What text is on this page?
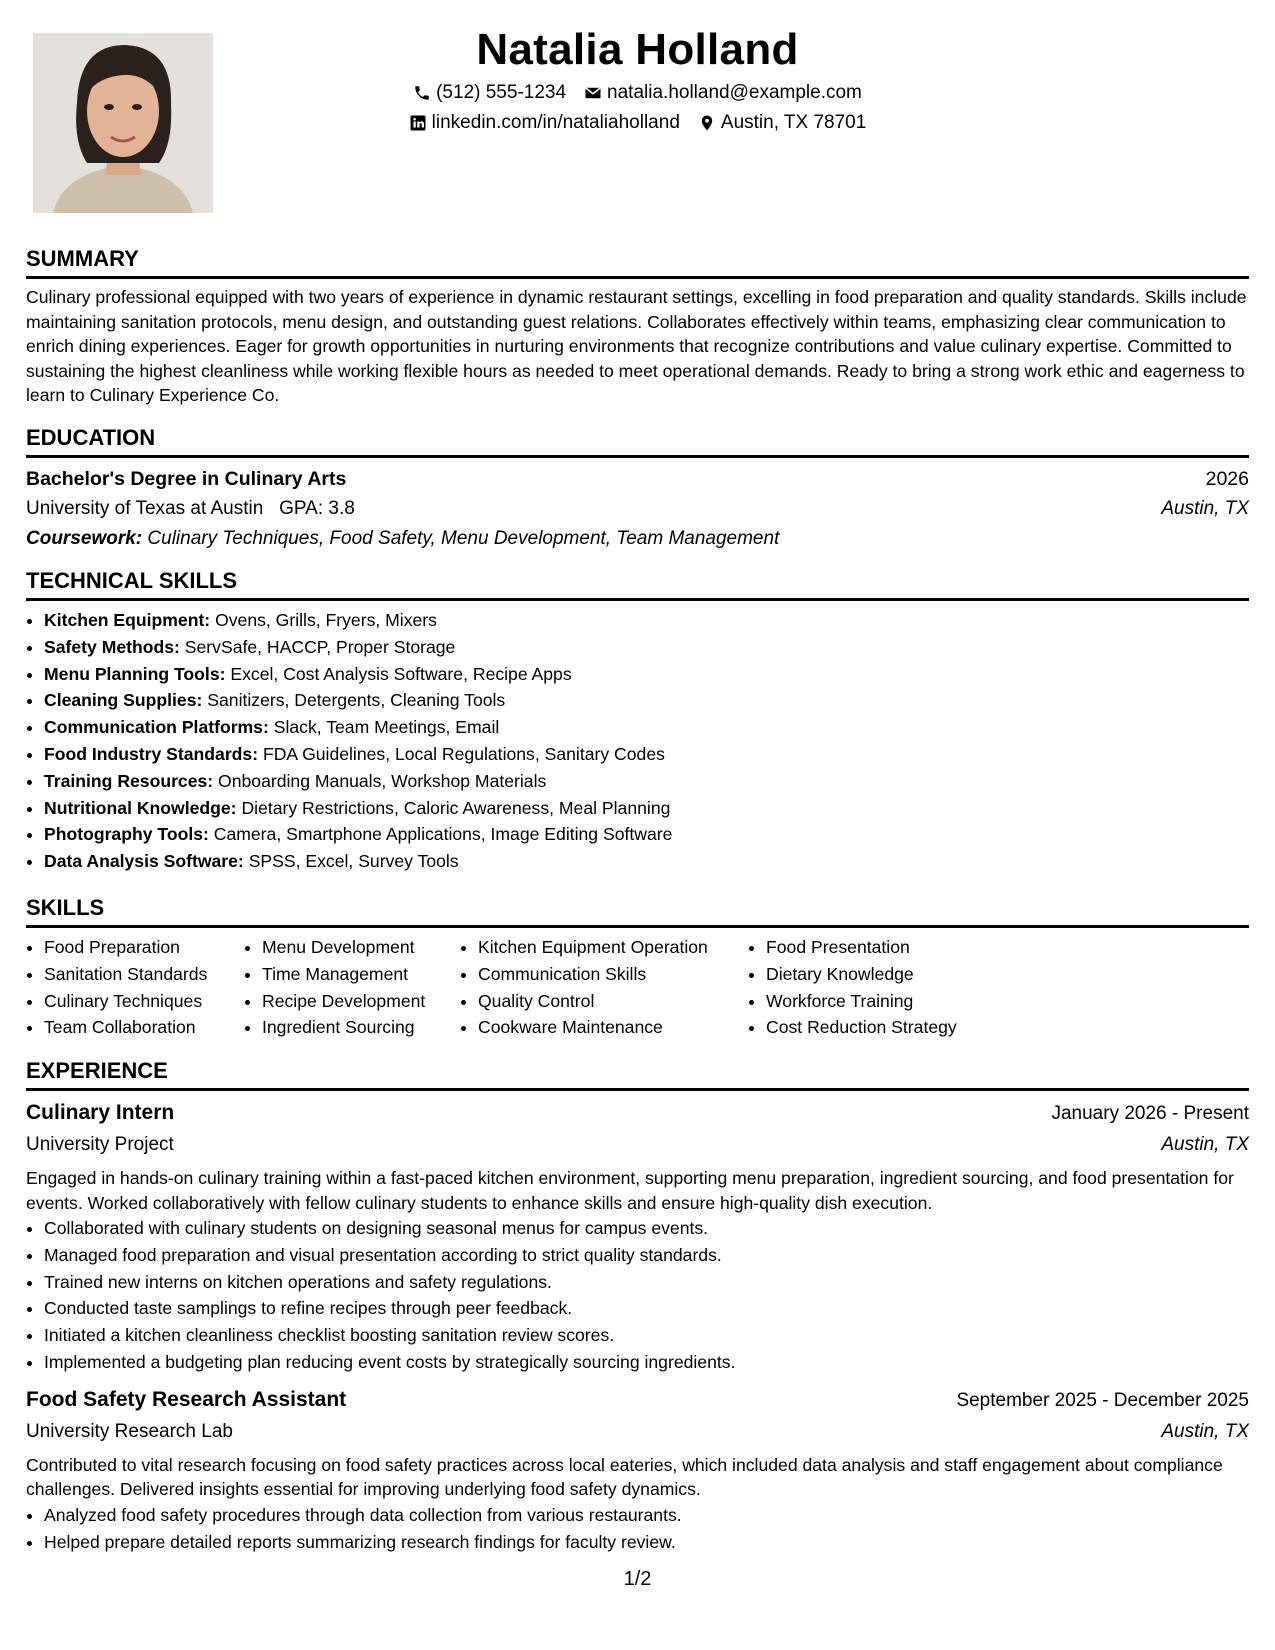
Natalia Holland
(512) 555-1234 natalia.holland@example.com
linkedin.com/in/nataliaholland Austin, TX 78701
SUMMARY
Culinary professional equipped with two years of experience in dynamic restaurant settings, excelling in food preparation and quality standards. Skills include maintaining sanitation protocols, menu design, and outstanding guest relations. Collaborates effectively within teams, emphasizing clear communication to enrich dining experiences. Eager for growth opportunities in nurturing environments that recognize contributions and value culinary expertise. Committed to sustaining the highest cleanliness while working flexible hours as needed to meet operational demands. Ready to bring a strong work ethic and eagerness to learn to Culinary Experience Co.
EDUCATION
Bachelor's Degree in Culinary Arts	2026
University of Texas at Austin GPA: 3.8	Austin, TX
Coursework: Culinary Techniques, Food Safety, Menu Development, Team Management
TECHNICAL SKILLS
• Kitchen Equipment: Ovens, Grills, Fryers, Mixers
• Safety Methods: ServSafe, HACCP, Proper Storage
• Menu Planning Tools: Excel, Cost Analysis Software, Recipe Apps
• Cleaning Supplies: Sanitizers, Detergents, Cleaning Tools
• Communication Platforms: Slack, Team Meetings, Email
• Food Industry Standards: FDA Guidelines, Local Regulations, Sanitary Codes
• Training Resources: Onboarding Manuals, Workshop Materials
• Nutritional Knowledge: Dietary Restrictions, Caloric Awareness, Meal Planning
• Photography Tools: Camera, Smartphone Applications, Image Editing Software
• Data Analysis Software: SPSS, Excel, Survey Tools
SKILLS
• Food Preparation
• Sanitation Standards
• Culinary Techniques
• Team Collaboration
• Menu Development
• Time Management
• Recipe Development
• Ingredient Sourcing
• Kitchen Equipment Operation
• Communication Skills
• Quality Control
• Cookware Maintenance
• Food Presentation
• Dietary Knowledge
• Workforce Training
• Cost Reduction Strategy
EXPERIENCE
Culinary Intern	January 2026 - Present
University Project	Austin, TX
Engaged in hands-on culinary training within a fast-paced kitchen environment, supporting menu preparation, ingredient sourcing, and food presentation for events. Worked collaboratively with fellow culinary students to enhance skills and ensure high-quality dish execution.
• Collaborated with culinary students on designing seasonal menus for campus events.
• Managed food preparation and visual presentation according to strict quality standards.
• Trained new interns on kitchen operations and safety regulations.
• Conducted taste samplings to refine recipes through peer feedback.
• Initiated a kitchen cleanliness checklist boosting sanitation review scores.
• Implemented a budgeting plan reducing event costs by strategically sourcing ingredients.
Food Safety Research Assistant	September 2025 - December 2025
University Research Lab	Austin, TX
Contributed to vital research focusing on food safety practices across local eateries, which included data analysis and staff engagement about compliance challenges. Delivered insights essential for improving underlying food safety dynamics.
• Analyzed food safety procedures through data collection from various restaurants.
• Helped prepare detailed reports summarizing research findings for faculty review.
1/2
